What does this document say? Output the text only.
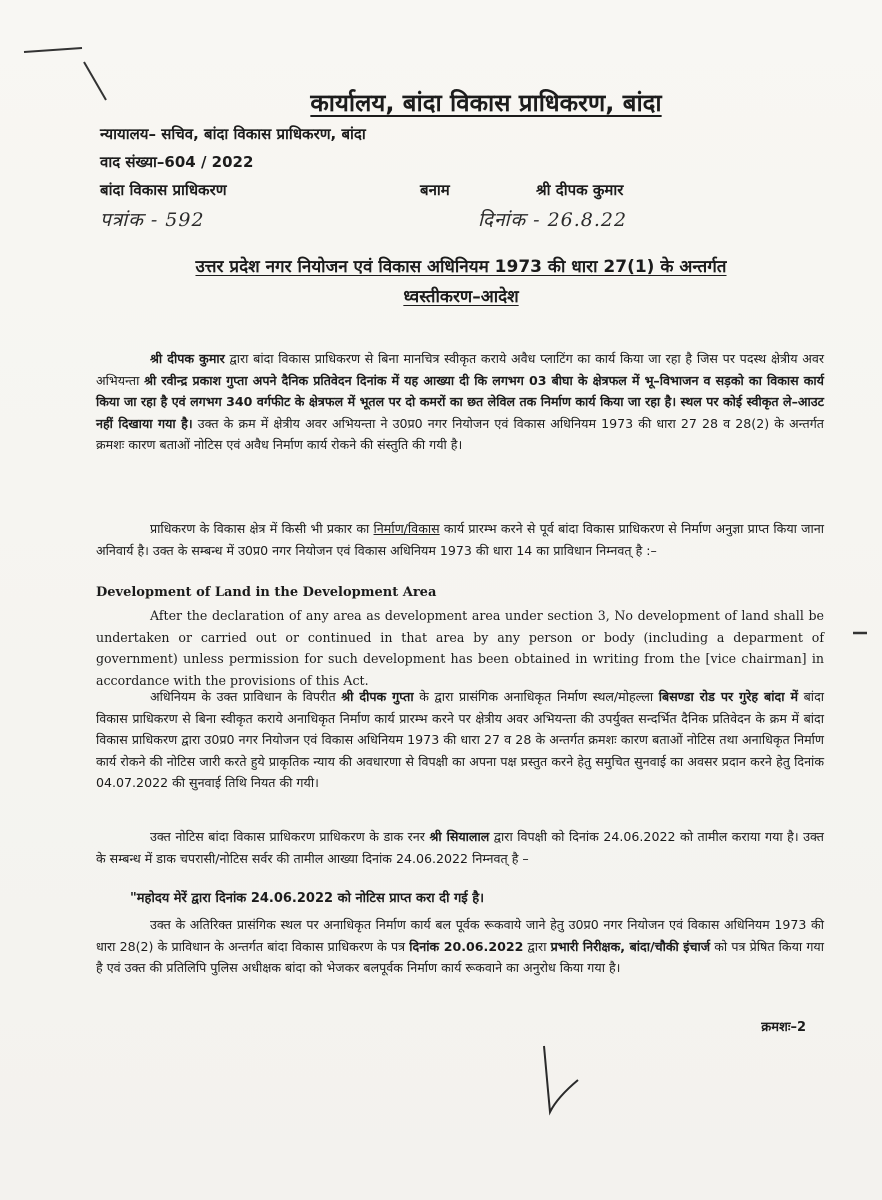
कार्यालय, बांदा विकास प्राधिकरण, बांदा
न्यायालय– सचिव, बांदा विकास प्राधिकरण, बांदा
वाद संख्या–604 / 2022
बांदा विकास प्राधिकरण	बनाम	श्री दीपक कुमार
पत्रांक - 592	दिनांक - 26.8.22
उत्तर प्रदेश नगर नियोजन एवं विकास अधिनियम 1973 की धारा 27(1) के अन्तर्गत
ध्वस्तीकरण–आदेश
श्री दीपक कुमार द्वारा बांदा विकास प्राधिकरण से बिना मानचित्र स्वीकृत कराये अवैध प्लाटिंग का कार्य किया जा रहा है जिस पर पदस्थ क्षेत्रीय अवर अभियन्ता श्री रवीन्द्र प्रकाश गुप्ता अपने दैनिक प्रतिवेदन दिनांक में यह आख्या दी कि लगभग 03 बीघा के क्षेत्रफल में भू–विभाजन व सड़को का विकास कार्य किया जा रहा है एवं लगभग 340 वर्गफीट के क्षेत्रफल में भूतल पर दो कमरों का छत लेविल तक निर्माण कार्य किया जा रहा है। स्थल पर कोई स्वीकृत ले–आउट नहीं दिखाया गया है। उक्त के क्रम में क्षेत्रीय अवर अभियन्ता ने उ0प्र0 नगर नियोजन एवं विकास अधिनियम 1973 की धारा 27 28 व 28(2) के अन्तर्गत क्रमशः कारण बताओं नोटिस एवं अवैध निर्माण कार्य रोकने की संस्तुति की गयी है।
प्राधिकरण के विकास क्षेत्र में किसी भी प्रकार का निर्माण/विकास कार्य प्रारम्भ करने से पूर्व बांदा विकास प्राधिकरण से निर्माण अनुज्ञा प्राप्त किया जाना अनिवार्य है। उक्त के सम्बन्ध में उ0प्र0 नगर नियोजन एवं विकास अधिनियम 1973 की धारा 14 का प्राविधान निम्नवत् है :–
Development of Land in the Development Area
After the declaration of any area as development area under section 3, No development of land shall be undertaken or carried out or continued in that area by any person or body (including a deparment of government) unless permission for such development has been obtained in writing from the [vice chairman] in accordance with the provisions of this Act.
अधिनियम के उक्त प्राविधान के विपरीत श्री दीपक गुप्ता के द्वारा प्रासंगिक अनाधिकृत निर्माण स्थल/मोहल्ला बिसण्डा रोड पर गुरेह बांदा में बांदा विकास प्राधिकरण से बिना स्वीकृत कराये अनाधिकृत निर्माण कार्य प्रारम्भ करने पर क्षेत्रीय अवर अभियन्ता की उपर्युक्त सन्दर्भित दैनिक प्रतिवेदन के क्रम में बांदा विकास प्राधिकरण द्वारा उ0प्र0 नगर नियोजन एवं विकास अधिनियम 1973 की धारा 27 व 28 के अन्तर्गत क्रमशः कारण बताओं नोटिस तथा अनाधिकृत निर्माण कार्य रोकने की नोटिस जारी करते हुये प्राकृतिक न्याय की अवधारणा से विपक्षी का अपना पक्ष प्रस्तुत करने हेतु समुचित सुनवाई का अवसर प्रदान करने हेतु दिनांक 04.07.2022 की सुनवाई तिथि नियत की गयी।
उक्त नोटिस बांदा विकास प्राधिकरण प्राधिकरण के डाक रनर श्री सियालाल द्वारा विपक्षी को दिनांक 24.06.2022 को तामील कराया गया है। उक्त के सम्बन्ध में डाक चपरासी/नोटिस सर्वर की तामील आख्या दिनांक 24.06.2022 निम्नवत् है –
"महोदय मेरें द्वारा दिनांक 24.06.2022 को नोटिस प्राप्त करा दी गई है।
उक्त के अतिरिक्त प्रासंगिक स्थल पर अनाधिकृत निर्माण कार्य बल पूर्वक रूकवाये जाने हेतु उ0प्र0 नगर नियोजन एवं विकास अधिनियम 1973 की धारा 28(2) के प्राविधान के अन्तर्गत बांदा विकास प्राधिकरण के पत्र दिनांक 20.06.2022 द्वारा प्रभारी निरीक्षक, बांदा/चौकी इंचार्ज को पत्र प्रेषित किया गया है एवं उक्त की प्रतिलिपि पुलिस अधीक्षक बांदा को भेजकर बलपूर्वक निर्माण कार्य रूकवाने का अनुरोध किया गया है।
क्रमशः–2
